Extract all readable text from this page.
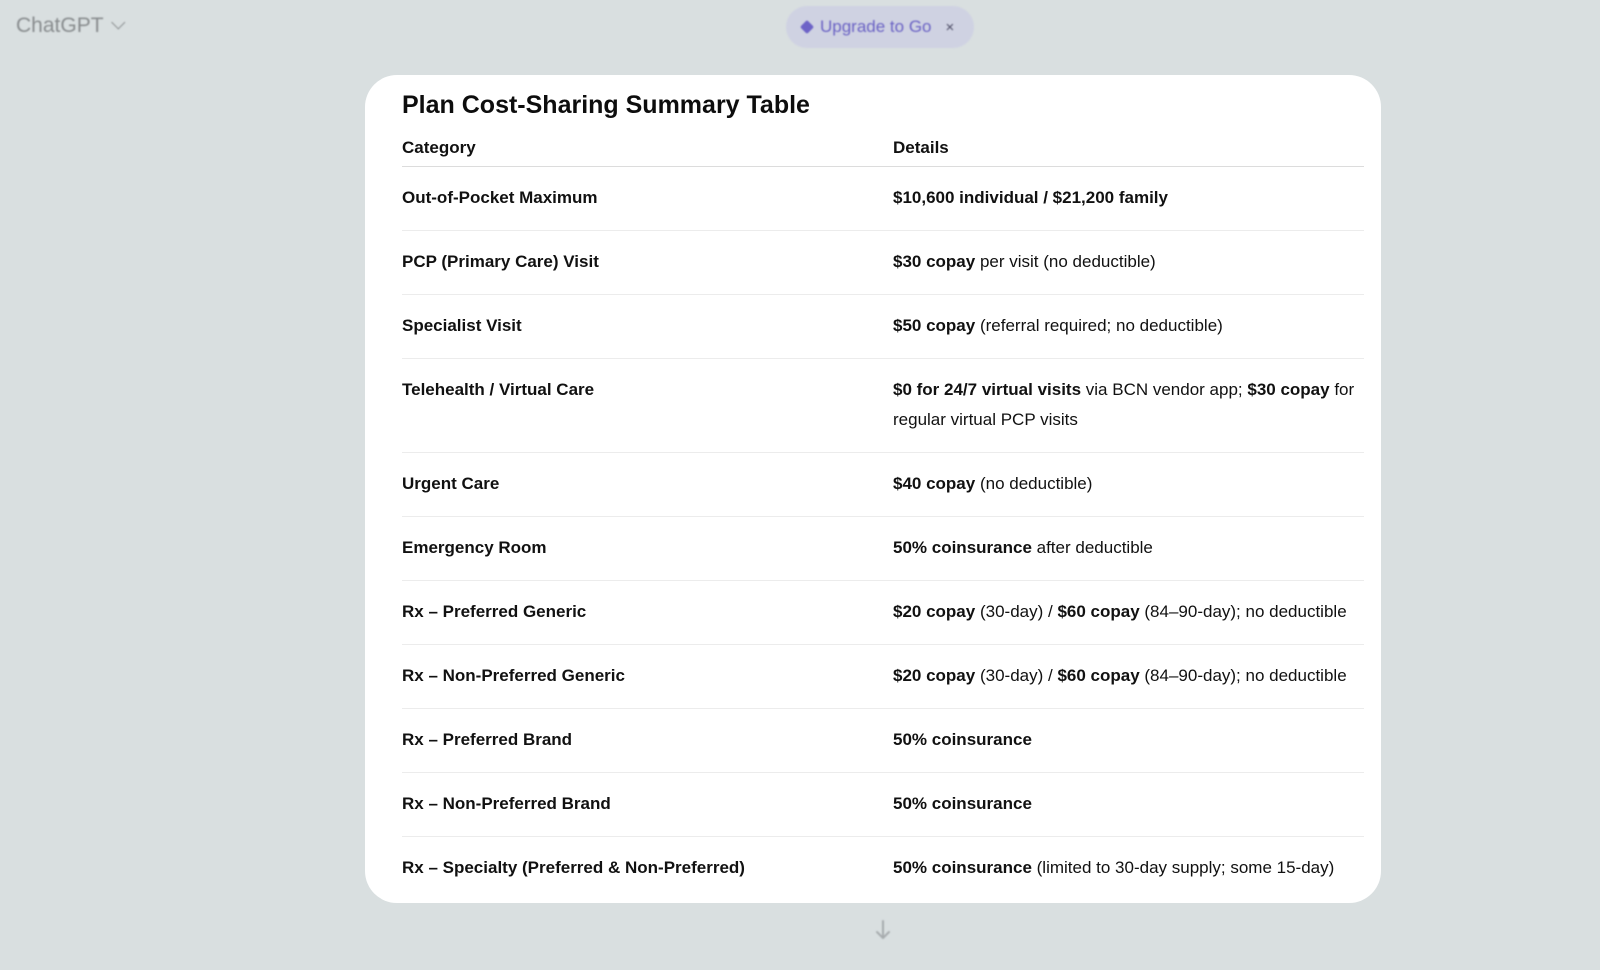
ChatGPT	Upgrade to Go ×
Plan Cost-Sharing Summary Table
Category	Details
Out-of-Pocket Maximum	$10,600 individual / $21,200 family
PCP (Primary Care) Visit	$30 copay per visit (no deductible)
Specialist Visit	$50 copay (referral required; no deductible)
Telehealth / Virtual Care	$0 for 24/7 virtual visits via BCN vendor app; $30 copay for regular virtual PCP visits
Urgent Care	$40 copay (no deductible)
Emergency Room	50% coinsurance after deductible
Rx – Preferred Generic	$20 copay (30-day) / $60 copay (84–90-day); no deductible
Rx – Non-Preferred Generic	$20 copay (30-day) / $60 copay (84–90-day); no deductible
Rx – Preferred Brand	50% coinsurance
Rx – Non-Preferred Brand	50% coinsurance
Rx – Specialty (Preferred & Non-Preferred)	50% coinsurance (limited to 30-day supply; some 15-day)
